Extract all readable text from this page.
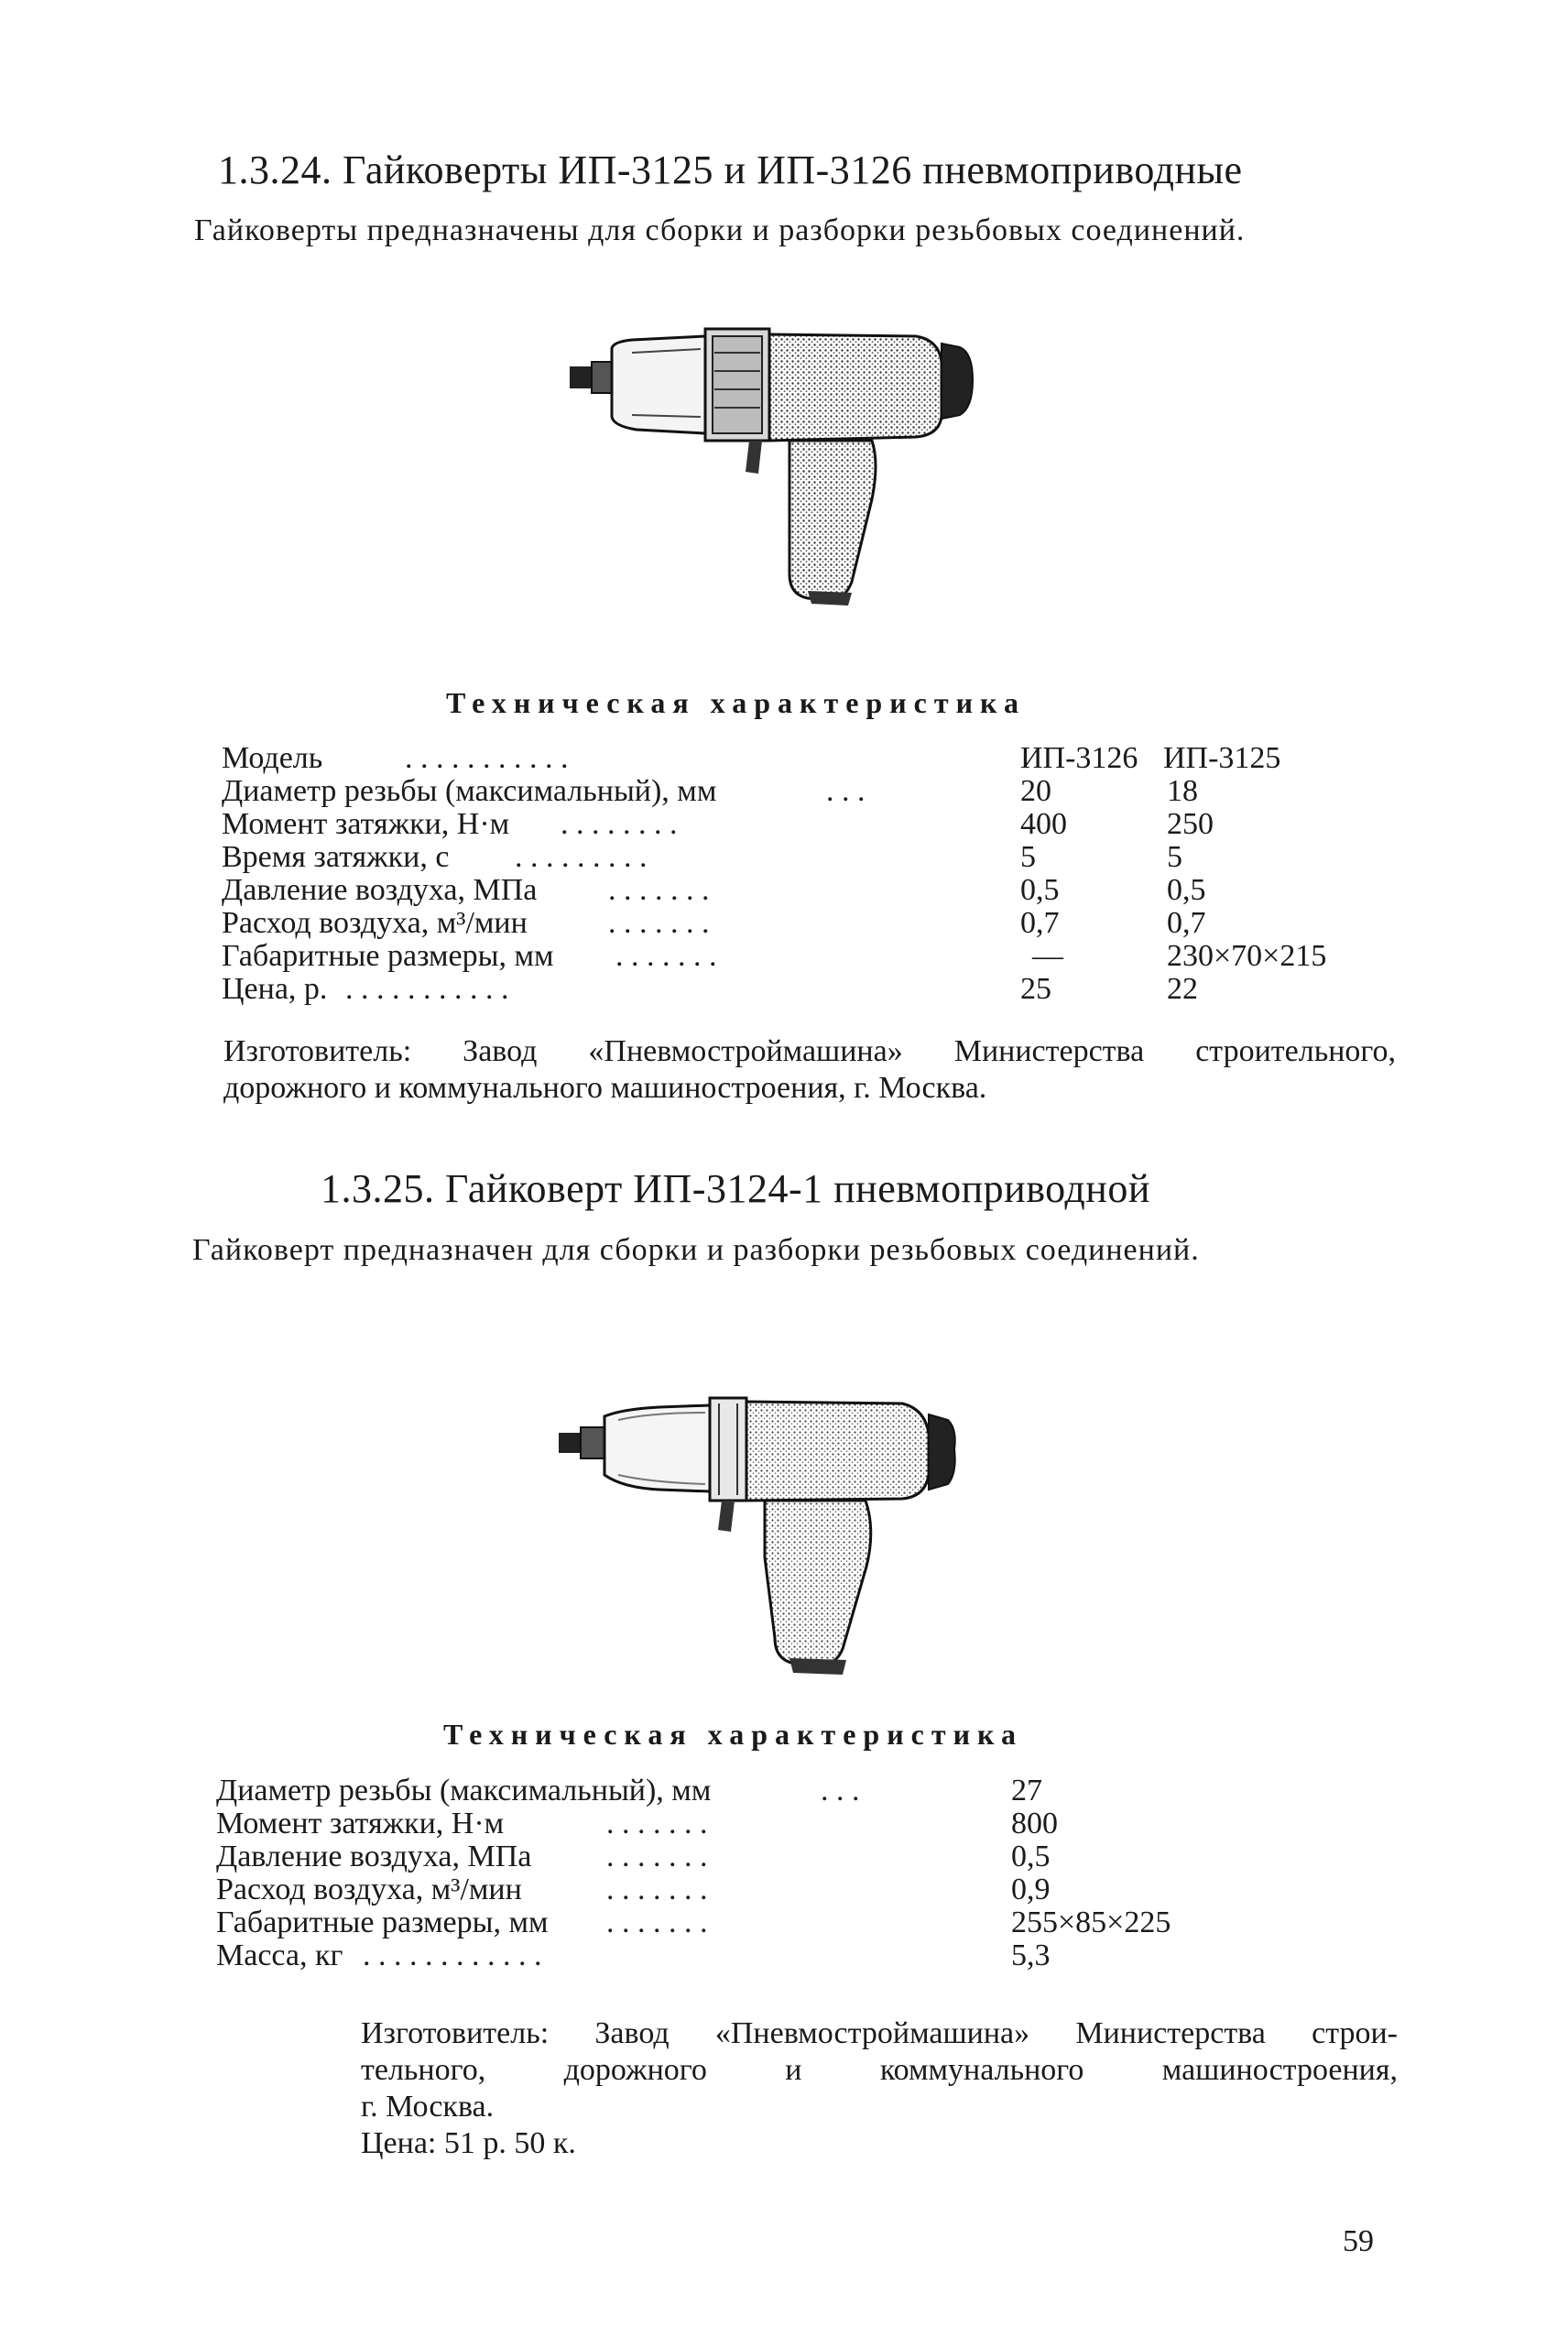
1.3.24. Гайковерты ИП-3125 и ИП-3126 пневмоприводные
Гайковерты предназначены для сборки и разборки резьбовых соединений.
Техническая характеристика
Модель	. . . . . . . . . . .	ИП-3126 ИП-3125
Диаметр резьбы (максимальный), мм	. . .	20	18
Момент затяжки, Н·м . . . . . . . .	400	250
Время затяжки, с . . . . . . . . .	5	5
Давление воздуха, МПа . . . . . . .	0,5	0,5
Расход воздуха, м³/мин	. . . . . . .	0,7	0,7
Габаритные размеры, мм . . . . . . .	—	230×70×215
Цена, р. . . . . . . . . . . .	25	22
Изготовитель: Завод «Пневмостроймашина» Министерства строительного,
дорожного и коммунального машиностроения, г. Москва.
1.3.25. Гайковерт ИП-3124-1 пневмоприводной
Гайковерт предназначен для сборки и разборки резьбовых соединений.
Техническая характеристика
Диаметр резьбы (максимальный), мм	. . .	27
Момент затяжки, Н·м	. . . . . . .	800
Давление воздуха, МПа . . . . . . .	0,5
Расход воздуха, м³/мин	. . . . . . .	0,9
Габаритные размеры, мм . . . . . . .	255×85×225
Масса, кг . . . . . . . . . . . .	5,3
Изготовитель: Завод «Пневмостроймашина» Министерства строи-
тельного, дорожного и коммунального машиностроения,
г. Москва.
Цена: 51 р. 50 к.
59
